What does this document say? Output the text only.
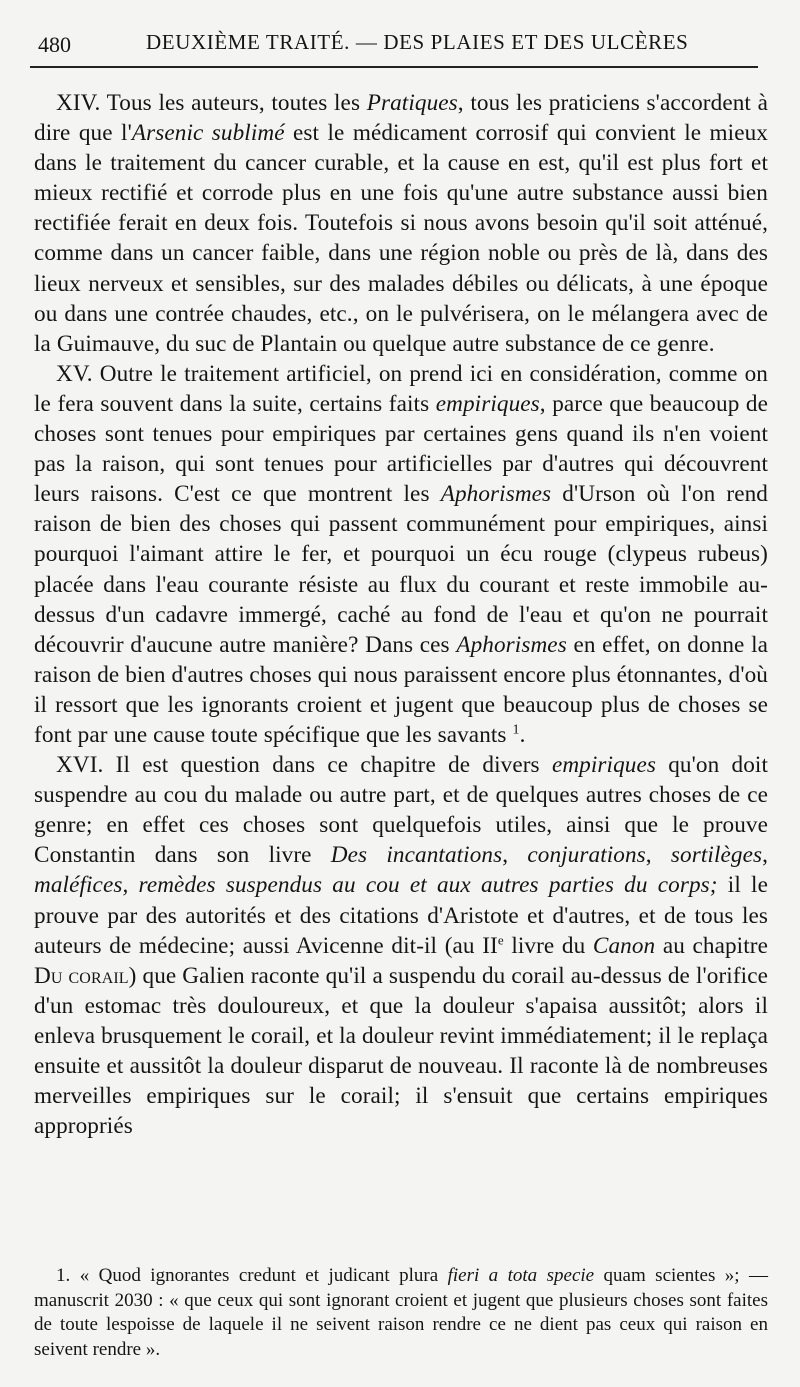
480	DEUXIÈME TRAITÉ. — DES PLAIES ET DES ULCÈRES

XIV. Tous les auteurs, toutes les Pratiques, tous les praticiens s'accordent à dire que l'Arsenic sublimé est le médicament corrosif qui convient le mieux dans le traitement du cancer curable, et la cause en est, qu'il est plus fort et mieux rectifié et corrode plus en une fois qu'une autre substance aussi bien rectifiée ferait en deux fois. Toutefois si nous avons besoin qu'il soit atténué, comme dans un cancer faible, dans une région noble ou près de là, dans des lieux nerveux et sensibles, sur des malades débiles ou délicats, à une époque ou dans une contrée chaudes, etc., on le pulvérisera, on le mélangera avec de la Guimauve, du suc de Plantain ou quelque autre substance de ce genre.

XV. Outre le traitement artificiel, on prend ici en considération, comme on le fera souvent dans la suite, certains faits empiriques, parce que beaucoup de choses sont tenues pour empiriques par certaines gens quand ils n'en voient pas la raison, qui sont tenues pour artificielles par d'autres qui découvrent leurs raisons. C'est ce que montrent les Aphorismes d'Urson où l'on rend raison de bien des choses qui passent communément pour empiriques, ainsi pourquoi l'aimant attire le fer, et pourquoi un écu rouge (clypeus rubeus) placée dans l'eau courante résiste au flux du courant et reste immobile au-dessus d'un cadavre immergé, caché au fond de l'eau et qu'on ne pourrait découvrir d'aucune autre manière? Dans ces Aphorismes en effet, on donne la raison de bien d'autres choses qui nous paraissent encore plus étonnantes, d'où il ressort que les ignorants croient et jugent que beaucoup plus de choses se font par une cause toute spécifique que les savants $^1$.

XVI. Il est question dans ce chapitre de divers empiriques qu'on doit suspendre au cou du malade ou autre part, et de quelques autres choses de ce genre; en effet ces choses sont quelquefois utiles, ainsi que le prouve Constantin dans son livre Des incantations, conjurations, sortilèges, maléfices, remèdes suspendus au cou et aux autres parties du corps; il le prouve par des autorités et des citations d'Aristote et d'autres, et de tous les auteurs de médecine; aussi Avicenne dit-il (au IIe livre du Canon au chapitre Du corail) que Galien raconte qu'il a suspendu du corail au-dessus de l'orifice d'un estomac très douloureux, et que la douleur s'apaisa aussitôt; alors il enleva brusquement le corail, et la douleur revint immédiatement; il le replaça ensuite et aussitôt la douleur disparut de nouveau. Il raconte là de nombreuses merveilles empiriques sur le corail; il s'ensuit que certains empiriques appropriés

1. « Quod ignorantes credunt et judicant plura fieri a tota specie quam scientes »; — manuscrit 2030 : « que ceux qui sont ignorant croient et jugent que plusieurs choses sont faites de toute lespoisse de laquele il ne seivent raison rendre ce ne dient pas ceux qui raison en seivent rendre ».
